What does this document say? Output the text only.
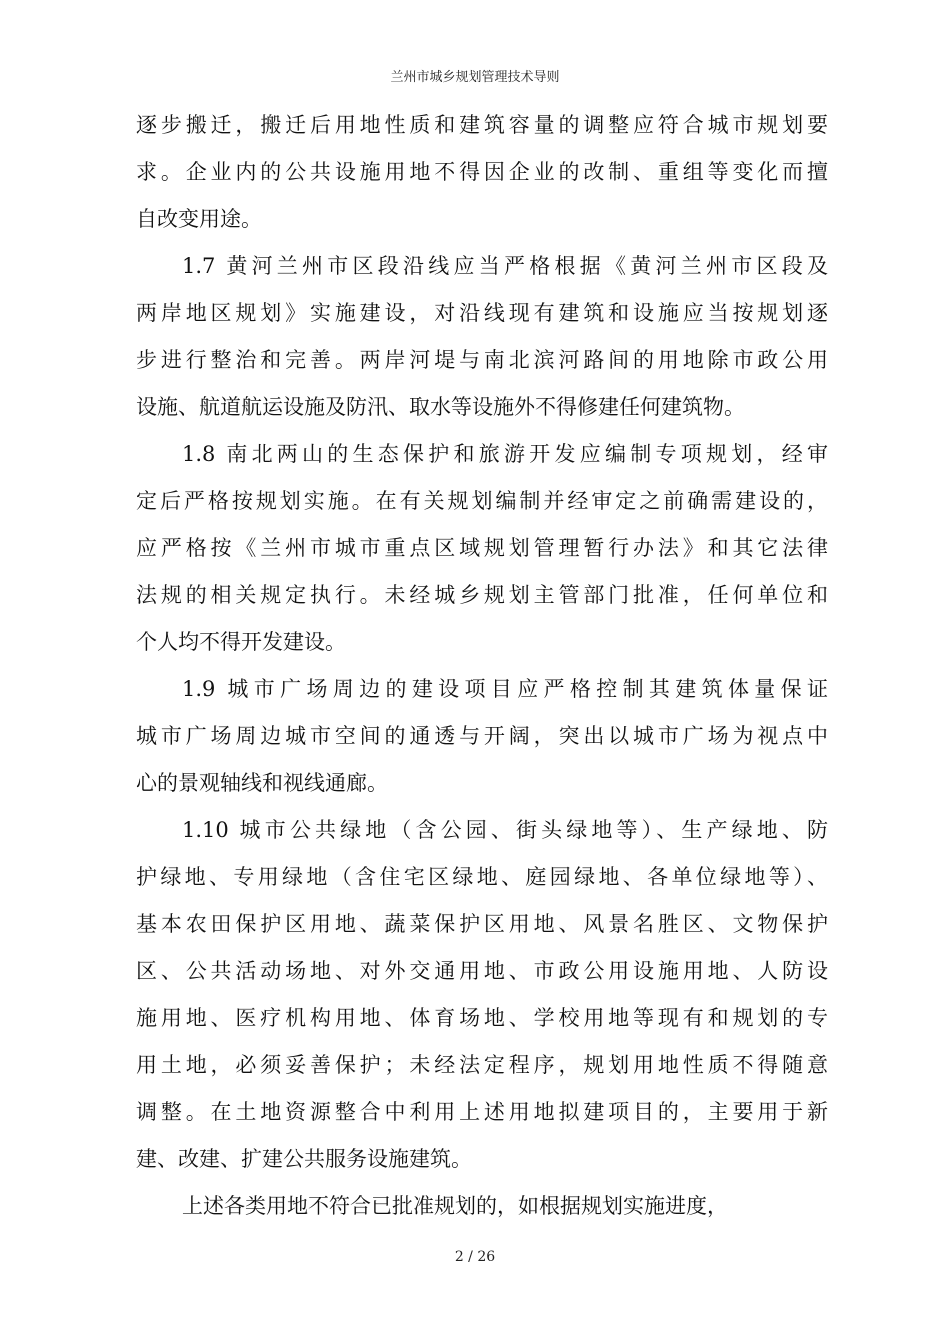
兰州市城乡规划管理技术导则
逐步搬迁，搬迁后用地性质和建筑容量的调整应符合城市规划要
求。企业内的公共设施用地不得因企业的改制、重组等变化而擅
自改变用途。
1.7 黄河兰州市区段沿线应当严格根据《黄河兰州市区段及
两岸地区规划》实施建设，对沿线现有建筑和设施应当按规划逐
步进行整治和完善。两岸河堤与南北滨河路间的用地除市政公用
设施、航道航运设施及防汛、取水等设施外不得修建任何建筑物。
1.8 南北两山的生态保护和旅游开发应编制专项规划，经审
定后严格按规划实施。在有关规划编制并经审定之前确需建设的，
应严格按《兰州市城市重点区域规划管理暂行办法》和其它法律
法规的相关规定执行。未经城乡规划主管部门批准，任何单位和
个人均不得开发建设。
1.9 城市广场周边的建设项目应严格控制其建筑体量保证
城市广场周边城市空间的通透与开阔，突出以城市广场为视点中
心的景观轴线和视线通廊。
1.10 城市公共绿地（含公园、街头绿地等）、生产绿地、防
护绿地、专用绿地（含住宅区绿地、庭园绿地、各单位绿地等）、
基本农田保护区用地、蔬菜保护区用地、风景名胜区、文物保护
区、公共活动场地、对外交通用地、市政公用设施用地、人防设
施用地、医疗机构用地、体育场地、学校用地等现有和规划的专
用土地，必须妥善保护；未经法定程序，规划用地性质不得随意
调整。在土地资源整合中利用上述用地拟建项目的，主要用于新
建、改建、扩建公共服务设施建筑。
上述各类用地不符合已批准规划的，如根据规划实施进度，
2 / 26
